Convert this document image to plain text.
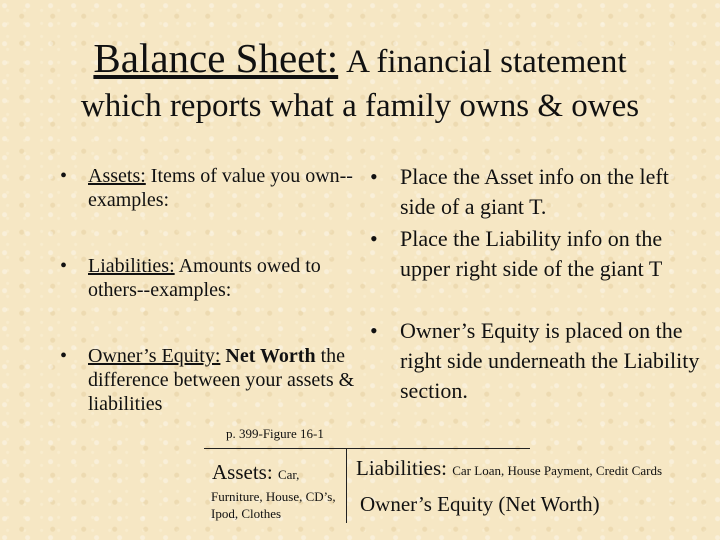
Balance Sheet: A financial statement
which reports what a family owns & owes
• Assets: Items of value you own--examples:
• Liabilities: Amounts owed to others--examples:
• Owner’s Equity: Net Worth the difference between your assets & liabilities
• Place the Asset info on the left side of a giant T.
• Place the Liability info on the upper right side of the giant T
• Owner’s Equity is placed on the right side underneath the Liability section.
p. 399-Figure 16-1
Assets: Car,
Furniture, House, CD’s, Ipod, Clothes
Liabilities: Car Loan, House Payment, Credit Cards
Owner’s Equity (Net Worth)
